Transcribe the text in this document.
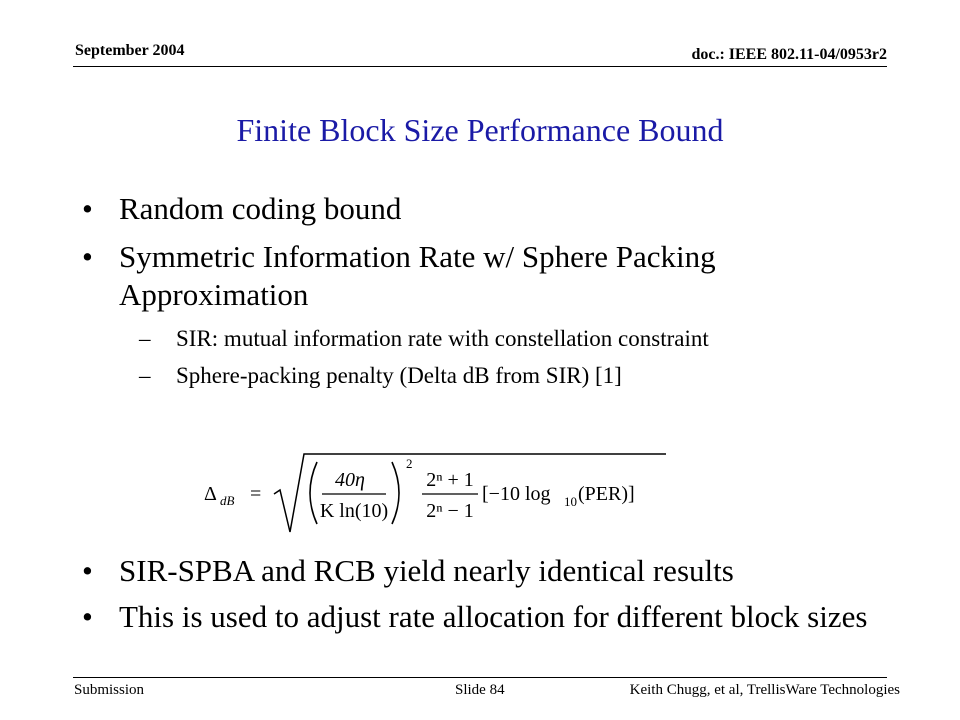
September 2004	doc.: IEEE 802.11-04/0953r2
Finite Block Size Performance Bound
• Random coding bound
• Symmetric Information Rate w/ Sphere Packing Approximation
– SIR: mutual information rate with constellation constraint
– Sphere-packing penalty (Delta dB from SIR) [1]
Δ dB =
40η
K ln(10)
2
2ⁿ + 1
2ⁿ − 1
[−10 log 10 (PER)]
• SIR-SPBA and RCB yield nearly identical results
• This is used to adjust rate allocation for different block sizes
Submission	Slide 84	Keith Chugg, et al, TrellisWare Technologies
